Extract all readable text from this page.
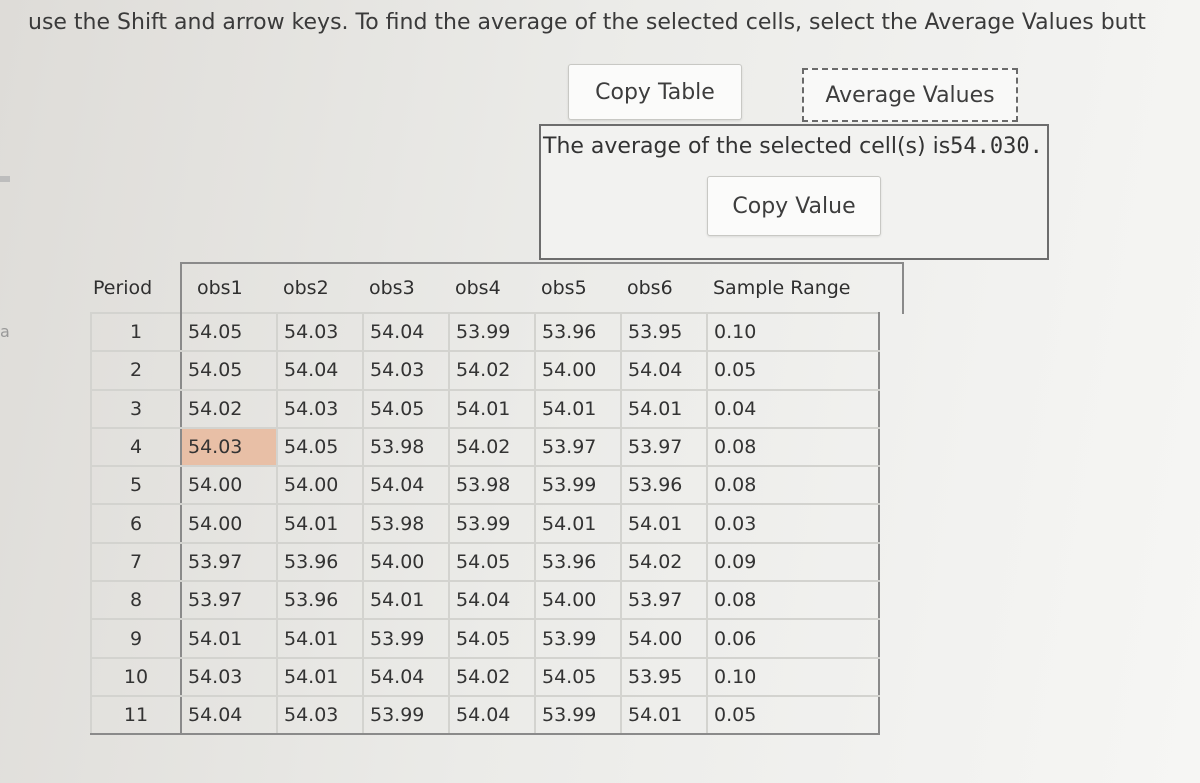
a
use the Shift and arrow keys. To find the average of the selected cells, select the Average Values butt
Copy Table	Average Values
The average of the selected cell(s) is54.030.
Copy Value
Period	obs1	obs2	obs3	obs4	obs5	obs6	Sample Range
1	54.05	54.03	54.04	53.99	53.96	53.95	0.10
2	54.05	54.04	54.03	54.02	54.00	54.04	0.05
3	54.02	54.03	54.05	54.01	54.01	54.01	0.04
4	54.03	54.05	53.98	54.02	53.97	53.97	0.08
5	54.00	54.00	54.04	53.98	53.99	53.96	0.08
6	54.00	54.01	53.98	53.99	54.01	54.01	0.03
7	53.97	53.96	54.00	54.05	53.96	54.02	0.09
8	53.97	53.96	54.01	54.04	54.00	53.97	0.08
9	54.01	54.01	53.99	54.05	53.99	54.00	0.06
10	54.03	54.01	54.04	54.02	54.05	53.95	0.10
11	54.04	54.03	53.99	54.04	53.99	54.01	0.05
